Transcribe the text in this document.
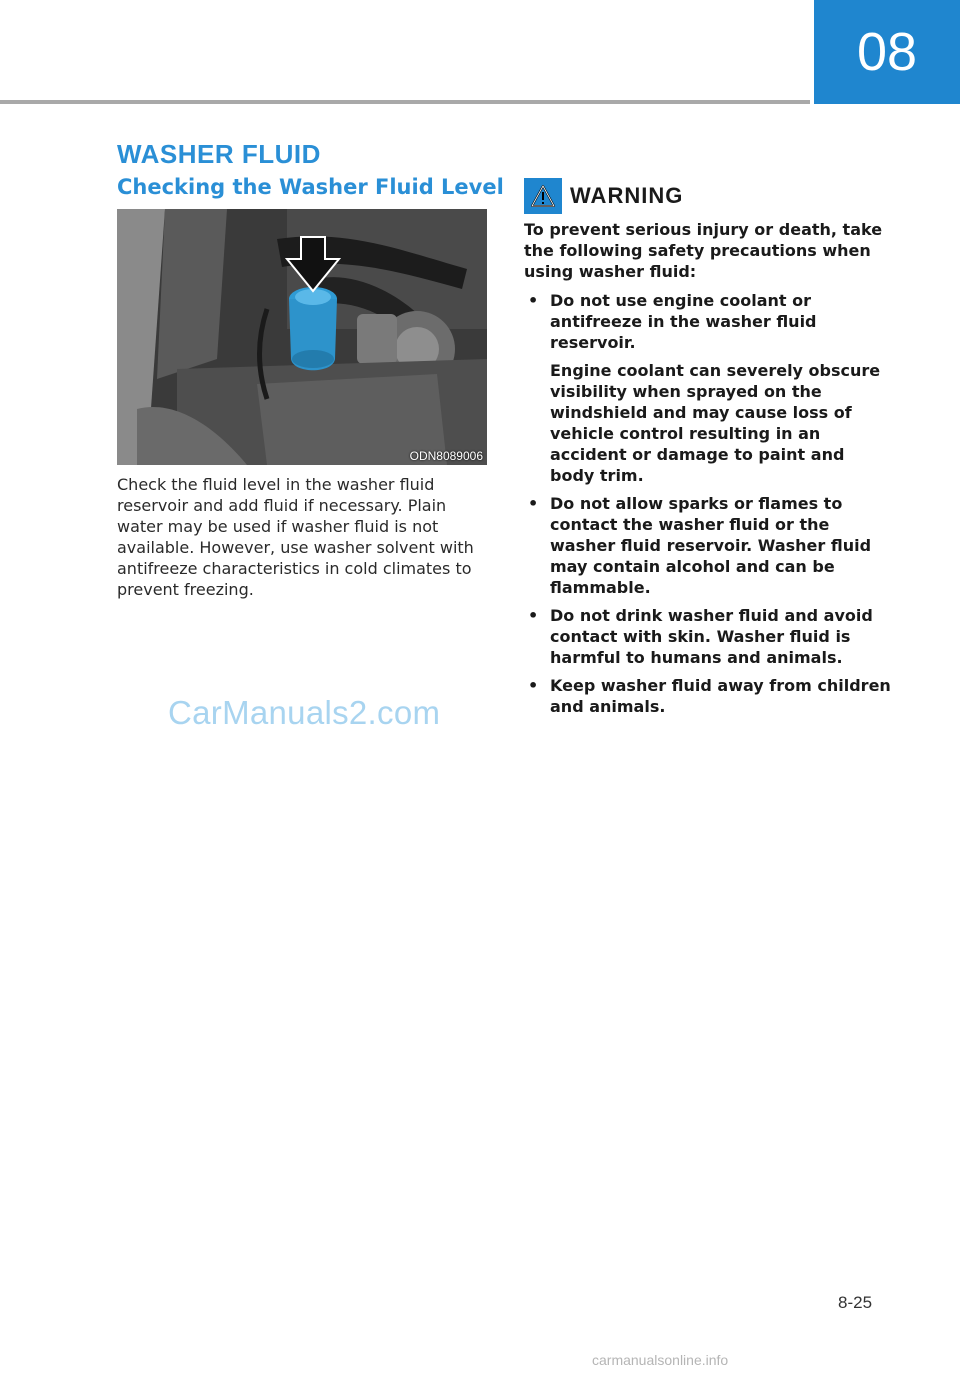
08
WASHER FLUID
Checking the Washer Fluid Level
ODN8089006

Check the fluid level in the washer fluid reservoir and add fluid if necessary. Plain water may be used if washer fluid is not available. However, use washer solvent with antifreeze characteristics in cold climates to prevent freezing.

CarManuals2.com
WARNING

To prevent serious injury or death, take the following safety precautions when using washer fluid:

• Do not use engine coolant or antifreeze in the washer fluid reservoir.
Engine coolant can severely obscure visibility when sprayed on the windshield and may cause loss of vehicle control resulting in an accident or damage to paint and body trim.
• Do not allow sparks or flames to contact the washer fluid or the washer fluid reservoir. Washer fluid may contain alcohol and can be flammable.
• Do not drink washer fluid and avoid contact with skin. Washer fluid is harmful to humans and animals.
• Keep washer fluid away from children and animals.
8-25
carmanualsonline.info
